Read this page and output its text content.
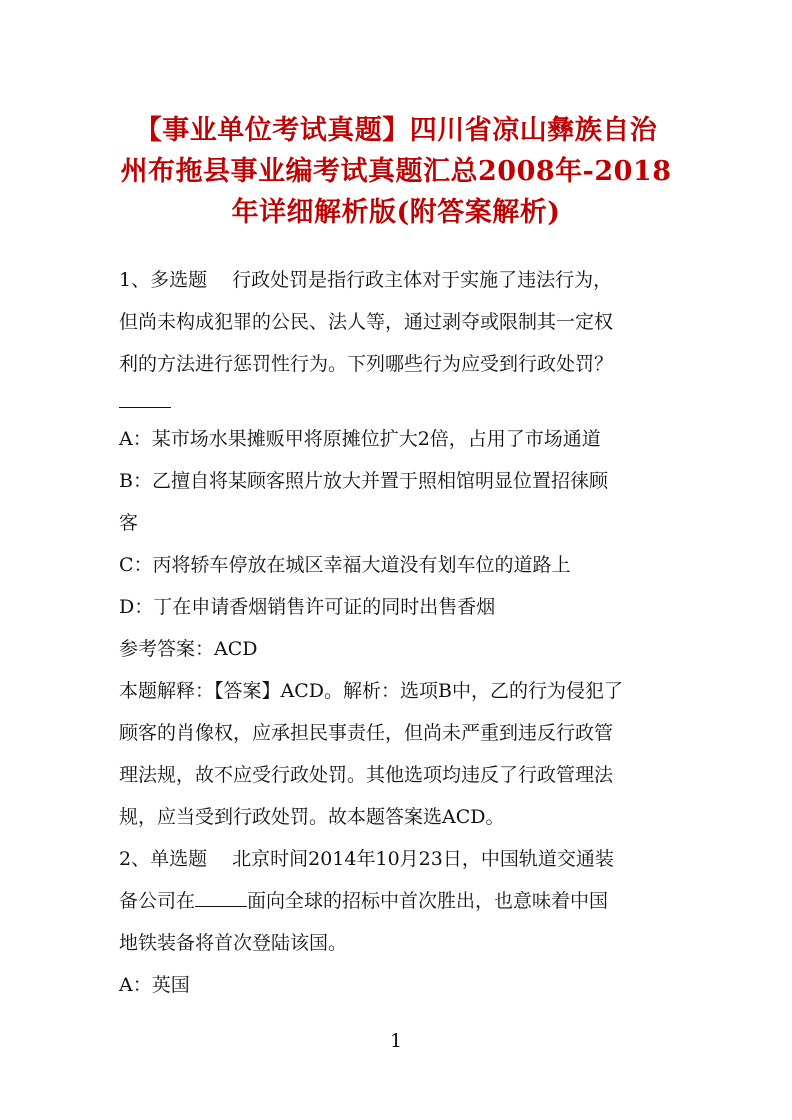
【事业单位考试真题】四川省凉山彝族自治
州布拖县事业编考试真题汇总2008年-2018
年详细解析版(附答案解析)

1、多选题　 行政处罚是指行政主体对于实施了违法行为，

但尚未构成犯罪的公民、法人等，通过剥夺或限制其一定权

利的方法进行惩罚性行为。下列哪些行为应受到行政处罚？

A：某市场水果摊贩甲将原摊位扩大2倍，占用了市场通道

B：乙擅自将某顾客照片放大并置于照相馆明显位置招徕顾

客

C：丙将轿车停放在城区幸福大道没有划车位的道路上

D：丁在申请香烟销售许可证的同时出售香烟

参考答案：ACD

本题解释：【答案】ACD。解析：选项B中，乙的行为侵犯了

顾客的肖像权，应承担民事责任，但尚未严重到违反行政管

理法规，故不应受行政处罚。其他选项均违反了行政管理法

规，应当受到行政处罚。故本题答案选ACD。

2、单选题　 北京时间2014年10月23日，中国轨道交通装

备公司在	面向全球的招标中首次胜出，也意味着中国

地铁装备将首次登陆该国。

A：英国

1
